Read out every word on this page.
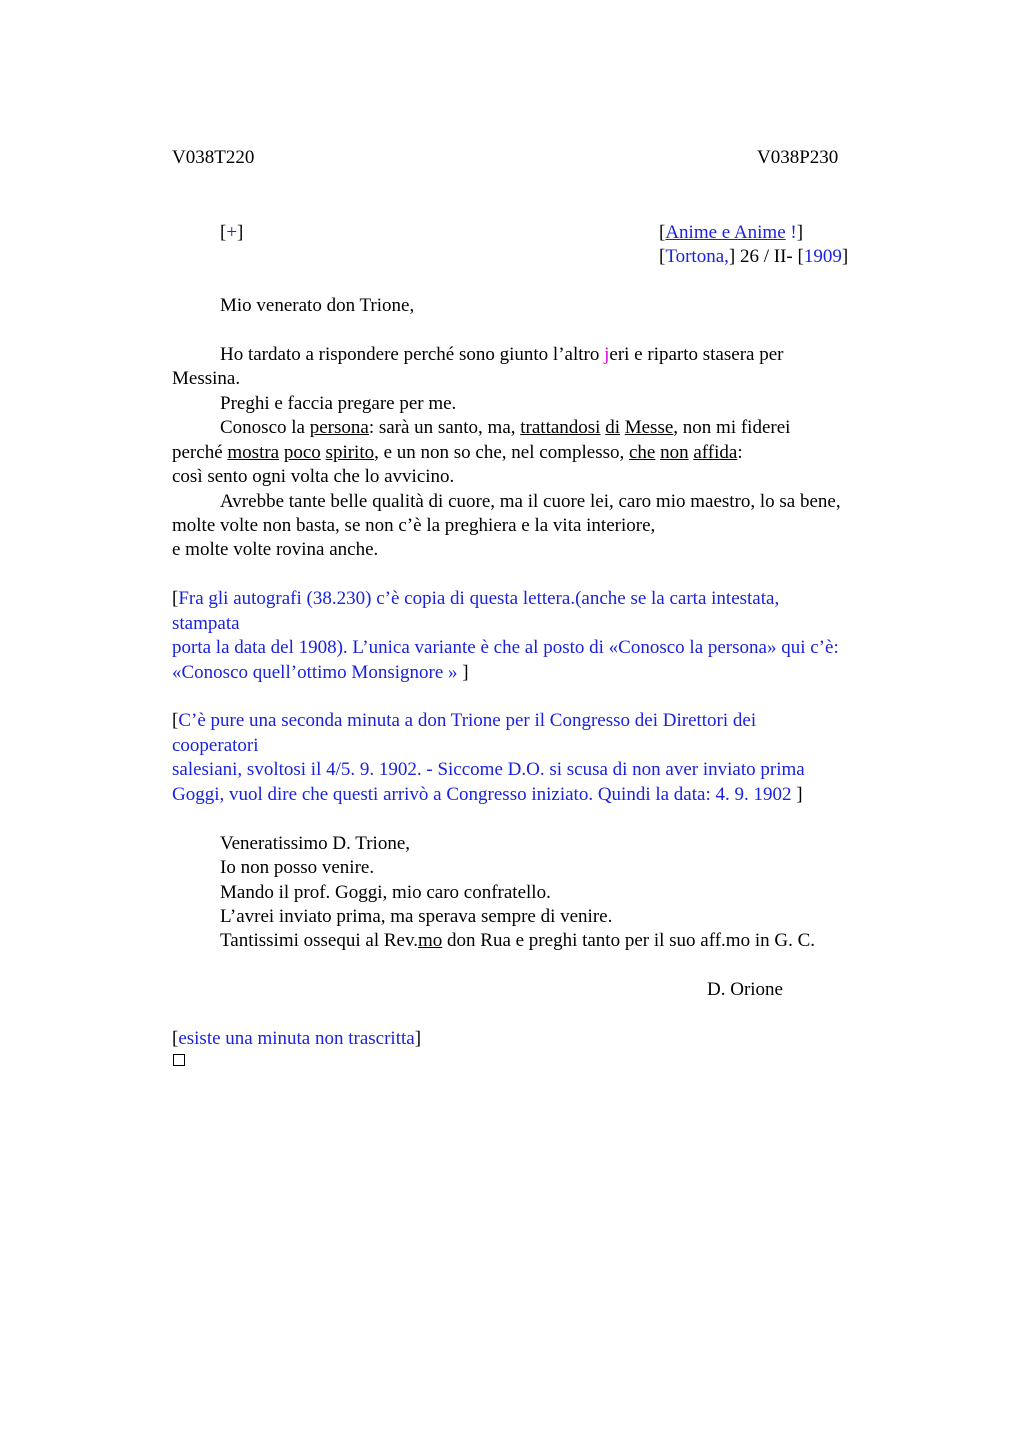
V038T220	V038P230
[+]	[Anime e Anime !]
[Tortona,] 26 / II- [1909]
Mio venerato don Trione,
Ho tardato a rispondere perché sono giunto l’altro jeri e riparto stasera per
Messina.
Preghi e faccia pregare per me.
Conosco la persona: sarà un santo, ma, trattandosi di Messe, non mi fiderei
perché mostra poco spirito, e un non so che, nel complesso, che non affida:
così sento ogni volta che lo avvicino.
Avrebbe tante belle qualità di cuore, ma il cuore lei, caro mio maestro, lo sa bene,
molte volte non basta, se non c’è la preghiera e la vita interiore,
e molte volte rovina anche.
[Fra gli autografi (38.230) c’è copia di questa lettera.(anche se la carta intestata,
stampata
porta la data del 1908). L’unica variante è che al posto di «Conosco la persona» qui c’è:
«Conosco quell’ottimo Monsignore » ]
[C’è pure una seconda minuta a don Trione per il Congresso dei Direttori dei
cooperatori
salesiani, svoltosi il 4/5. 9. 1902. - Siccome D.O. si scusa di non aver inviato prima
Goggi, vuol dire che questi arrivò a Congresso iniziato. Quindi la data: 4. 9. 1902 ]
Veneratissimo D. Trione,
Io non posso venire.
Mando il prof. Goggi, mio caro confratello.
L’avrei inviato prima, ma sperava sempre di venire.
Tantissimi ossequi al Rev.mo don Rua e preghi tanto per il suo aff.mo in G. C.
D. Orione
[esiste una minuta non trascritta]
